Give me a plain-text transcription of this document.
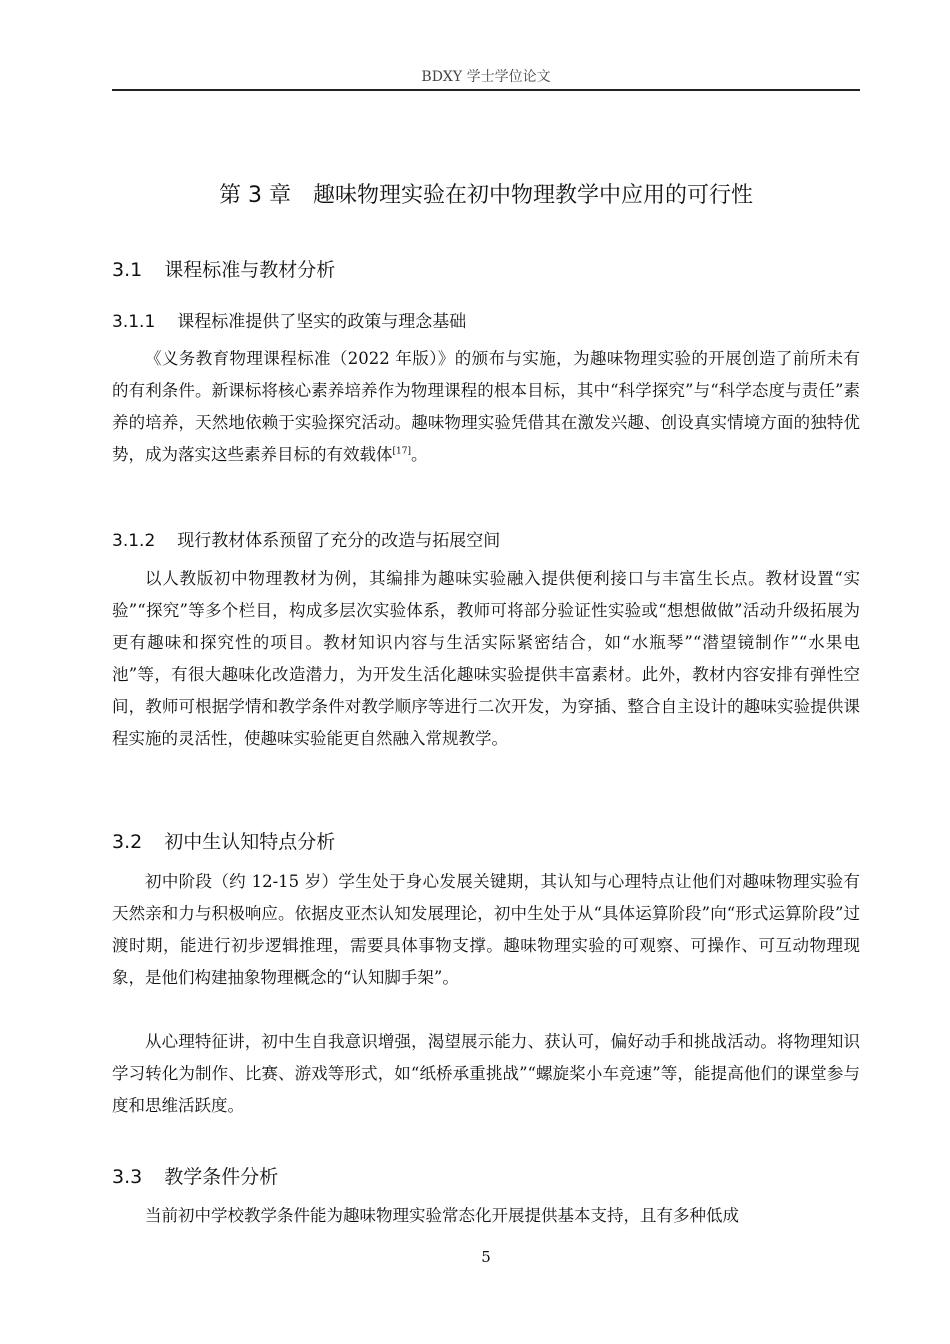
BDXY 学士学位论文
第 3 章　趣味物理实验在初中物理教学中应用的可行性
3.1 课程标准与教材分析
3.1.1 课程标准提供了坚实的政策与理念基础

《义务教育物理课程标准（2022 年版）》的颁布与实施，为趣味物理实验的开展创造了前所未有的有利条件。新课标将核心素养培养作为物理课程的根本目标，其中“科学探究”与“科学态度与责任”素养的培养，天然地依赖于实验探究活动。趣味物理实验凭借其在激发兴趣、创设真实情境方面的独特优势，成为落实这些素养目标的有效载体[17]。

3.1.2 现行教材体系预留了充分的改造与拓展空间

以人教版初中物理教材为例，其编排为趣味实验融入提供便利接口与丰富生长点。教材设置“实验”“探究”等多个栏目，构成多层次实验体系，教师可将部分验证性实验或“想想做做”活动升级拓展为更有趣味和探究性的项目。教材知识内容与生活实际紧密结合，如“水瓶琴”“潜望镜制作”“水果电池”等，有很大趣味化改造潜力，为开发生活化趣味实验提供丰富素材。此外，教材内容安排有弹性空间，教师可根据学情和教学条件对教学顺序等进行二次开发，为穿插、整合自主设计的趣味实验提供课程实施的灵活性，使趣味实验能更自然融入常规教学。

3.2 初中生认知特点分析

初中阶段（约 12-15 岁）学生处于身心发展关键期，其认知与心理特点让他们对趣味物理实验有天然亲和力与积极响应。依据皮亚杰认知发展理论，初中生处于从“具体运算阶段”向“形式运算阶段”过渡时期，能进行初步逻辑推理，需要具体事物支撑。趣味物理实验的可观察、可操作、可互动物理现象，是他们构建抽象物理概念的“认知脚手架”。

从心理特征讲，初中生自我意识增强，渴望展示能力、获认可，偏好动手和挑战活动。将物理知识学习转化为制作、比赛、游戏等形式，如“纸桥承重挑战”“螺旋桨小车竞速”等，能提高他们的课堂参与度和思维活跃度。

3.3 教学条件分析

当前初中学校教学条件能为趣味物理实验常态化开展提供基本支持，且有多种低成

5
